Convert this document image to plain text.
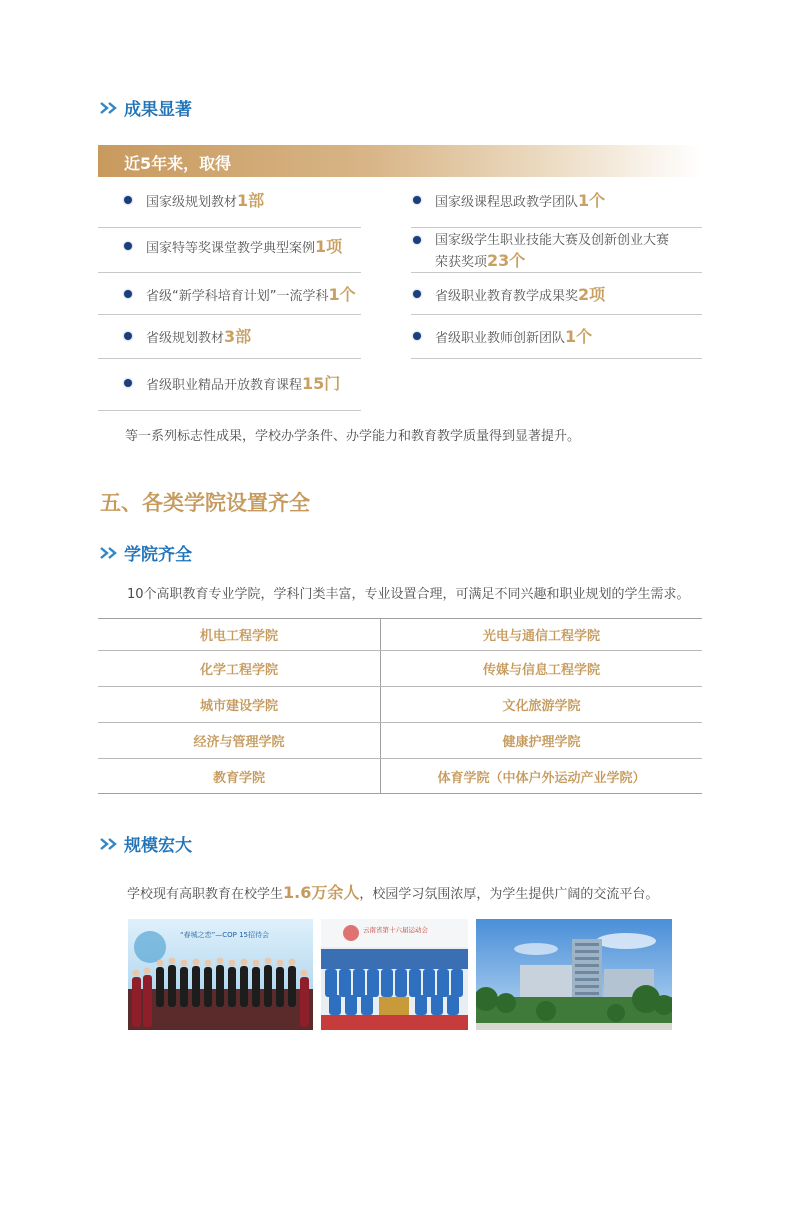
成果显著
近5年来，取得
国家级规划教材1部
国家特等奖课堂教学典型案例1项
省级“新学科培育计划”一流学科1个
省级规划教材3部
省级职业精品开放教育课程15门
国家级课程思政教学团队1个
国家级学生职业技能大赛及创新创业大赛
荣获奖项23个
省级职业教育教学成果奖2项
省级职业教师创新团队1个
等一系列标志性成果，学校办学条件、办学能力和教育教学质量得到显著提升。
五、各类学院设置齐全
学院齐全
10个高职教育专业学院，学科门类丰富，专业设置合理，可满足不同兴趣和职业规划的学生需求。
机电工程学院	光电与通信工程学院
化学工程学院	传媒与信息工程学院
城市建设学院	文化旅游学院
经济与管理学院	健康护理学院
教育学院	体育学院（中体户外运动产业学院）
规模宏大
学校现有高职教育在校学生1.6万余人，校园学习氛围浓厚，为学生提供广阔的交流平台。
“春城之恋”—COP 15招待会
云南省第十六届运动会
